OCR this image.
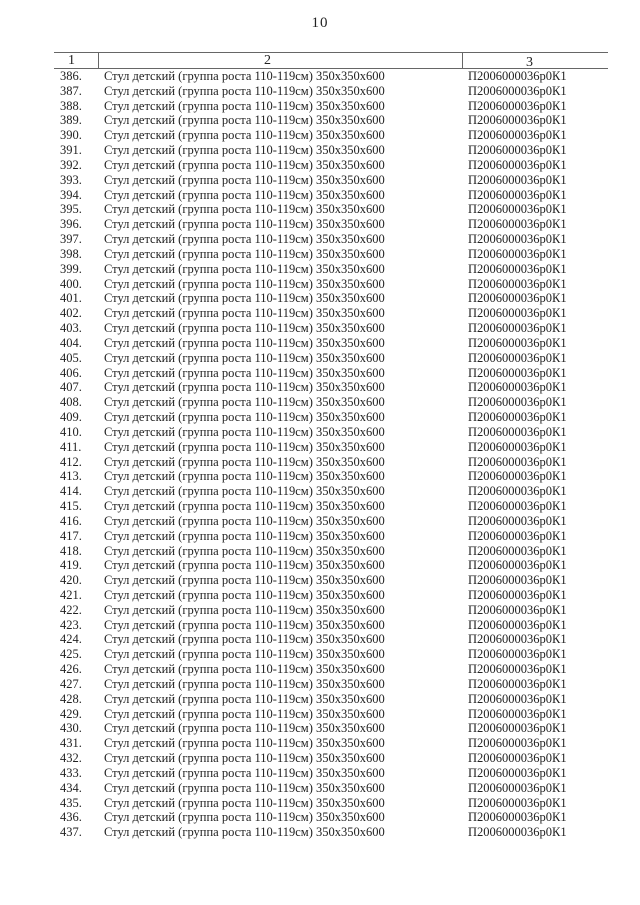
10
1	2	3
386. Стул детский (группа роста 110-119см) 350x350x600	П2006000036р0К1
387. Стул детский (группа роста 110-119см) 350x350x600	П2006000036р0К1
388. Стул детский (группа роста 110-119см) 350x350x600	П2006000036р0К1
389. Стул детский (группа роста 110-119см) 350x350x600	П2006000036р0К1
390. Стул детский (группа роста 110-119см) 350x350x600	П2006000036р0К1
391. Стул детский (группа роста 110-119см) 350x350x600	П2006000036р0К1
392. Стул детский (группа роста 110-119см) 350x350x600	П2006000036р0К1
393. Стул детский (группа роста 110-119см) 350x350x600	П2006000036р0К1
394. Стул детский (группа роста 110-119см) 350x350x600	П2006000036р0К1
395. Стул детский (группа роста 110-119см) 350x350x600	П2006000036р0К1
396. Стул детский (группа роста 110-119см) 350x350x600	П2006000036р0К1
397. Стул детский (группа роста 110-119см) 350x350x600	П2006000036р0К1
398. Стул детский (группа роста 110-119см) 350x350x600	П2006000036р0К1
399. Стул детский (группа роста 110-119см) 350x350x600	П2006000036р0К1
400. Стул детский (группа роста 110-119см) 350x350x600	П2006000036р0К1
401. Стул детский (группа роста 110-119см) 350x350x600	П2006000036р0К1
402. Стул детский (группа роста 110-119см) 350x350x600	П2006000036р0К1
403. Стул детский (группа роста 110-119см) 350x350x600	П2006000036р0К1
404. Стул детский (группа роста 110-119см) 350x350x600	П2006000036р0К1
405. Стул детский (группа роста 110-119см) 350x350x600	П2006000036р0К1
406. Стул детский (группа роста 110-119см) 350x350x600	П2006000036р0К1
407. Стул детский (группа роста 110-119см) 350x350x600	П2006000036р0К1
408. Стул детский (группа роста 110-119см) 350x350x600	П2006000036р0К1
409. Стул детский (группа роста 110-119см) 350x350x600	П2006000036р0К1
410. Стул детский (группа роста 110-119см) 350x350x600	П2006000036р0К1
411. Стул детский (группа роста 110-119см) 350x350x600	П2006000036р0К1
412. Стул детский (группа роста 110-119см) 350x350x600	П2006000036р0К1
413. Стул детский (группа роста 110-119см) 350x350x600	П2006000036р0К1
414. Стул детский (группа роста 110-119см) 350x350x600	П2006000036р0К1
415. Стул детский (группа роста 110-119см) 350x350x600	П2006000036р0К1
416. Стул детский (группа роста 110-119см) 350x350x600	П2006000036р0К1
417. Стул детский (группа роста 110-119см) 350x350x600	П2006000036р0К1
418. Стул детский (группа роста 110-119см) 350x350x600	П2006000036р0К1
419. Стул детский (группа роста 110-119см) 350x350x600	П2006000036р0К1
420. Стул детский (группа роста 110-119см) 350x350x600	П2006000036р0К1
421. Стул детский (группа роста 110-119см) 350x350x600	П2006000036р0К1
422. Стул детский (группа роста 110-119см) 350x350x600	П2006000036р0К1
423. Стул детский (группа роста 110-119см) 350x350x600	П2006000036р0К1
424. Стул детский (группа роста 110-119см) 350x350x600	П2006000036р0К1
425. Стул детский (группа роста 110-119см) 350x350x600	П2006000036р0К1
426. Стул детский (группа роста 110-119см) 350x350x600	П2006000036р0К1
427. Стул детский (группа роста 110-119см) 350x350x600	П2006000036р0К1
428. Стул детский (группа роста 110-119см) 350x350x600	П2006000036р0К1
429. Стул детский (группа роста 110-119см) 350x350x600	П2006000036р0К1
430. Стул детский (группа роста 110-119см) 350x350x600	П2006000036р0К1
431. Стул детский (группа роста 110-119см) 350x350x600	П2006000036р0К1
432. Стул детский (группа роста 110-119см) 350x350x600	П2006000036р0К1
433. Стул детский (группа роста 110-119см) 350x350x600	П2006000036р0К1
434. Стул детский (группа роста 110-119см) 350x350x600	П2006000036р0К1
435. Стул детский (группа роста 110-119см) 350x350x600	П2006000036р0К1
436. Стул детский (группа роста 110-119см) 350x350x600	П2006000036р0К1
437. Стул детский (группа роста 110-119см) 350x350x600	П2006000036р0К1
